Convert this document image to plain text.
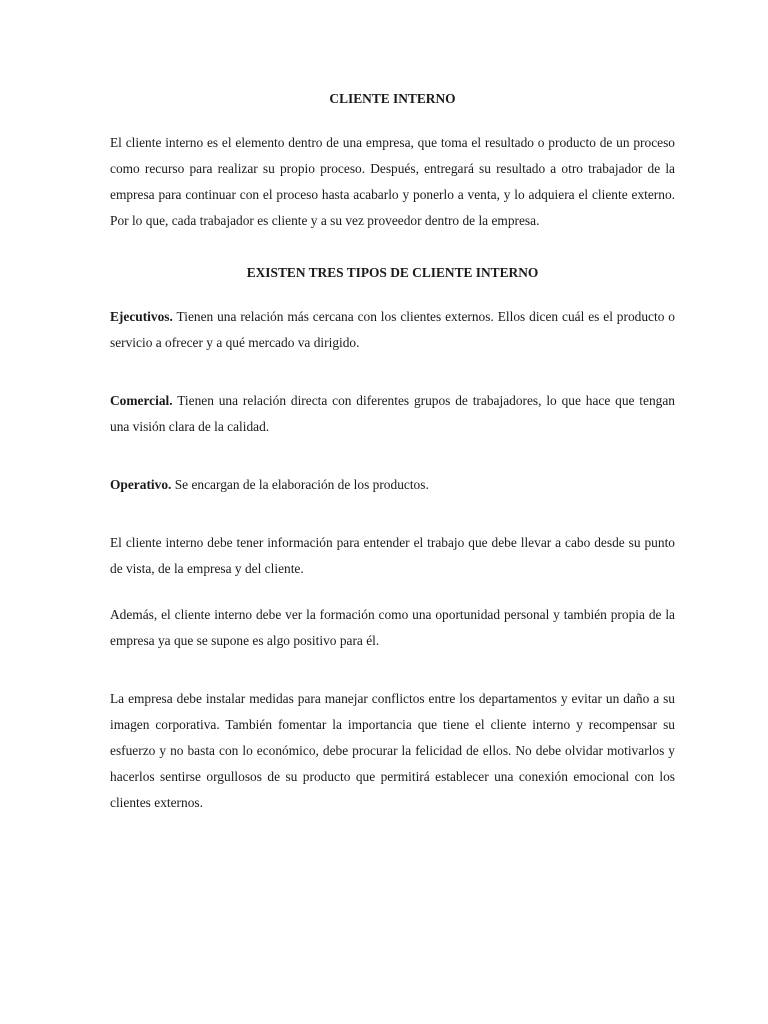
CLIENTE INTERNO

El cliente interno es el elemento dentro de una empresa, que toma el resultado o producto de un proceso como recurso para realizar su propio proceso. Después, entregará su resultado a otro trabajador de la empresa para continuar con el proceso hasta acabarlo y ponerlo a venta, y lo adquiera el cliente externo. Por lo que, cada trabajador es cliente y a su vez proveedor dentro de la empresa.

EXISTEN TRES TIPOS DE CLIENTE INTERNO

Ejecutivos. Tienen una relación más cercana con los clientes externos. Ellos dicen cuál es el producto o servicio a ofrecer y a qué mercado va dirigido.

Comercial. Tienen una relación directa con diferentes grupos de trabajadores, lo que hace que tengan una visión clara de la calidad.

Operativo. Se encargan de la elaboración de los productos.

El cliente interno debe tener información para entender el trabajo que debe llevar a cabo desde su punto de vista, de la empresa y del cliente.

Además, el cliente interno debe ver la formación como una oportunidad personal y también propia de la empresa ya que se supone es algo positivo para él.

La empresa debe instalar medidas para manejar conflictos entre los departamentos y evitar un daño a su imagen corporativa. También fomentar la importancia que tiene el cliente interno y recompensar su esfuerzo y no basta con lo económico, debe procurar la felicidad de ellos. No debe olvidar motivarlos y hacerlos sentirse orgullosos de su producto que permitirá establecer una conexión emocional con los clientes externos.
